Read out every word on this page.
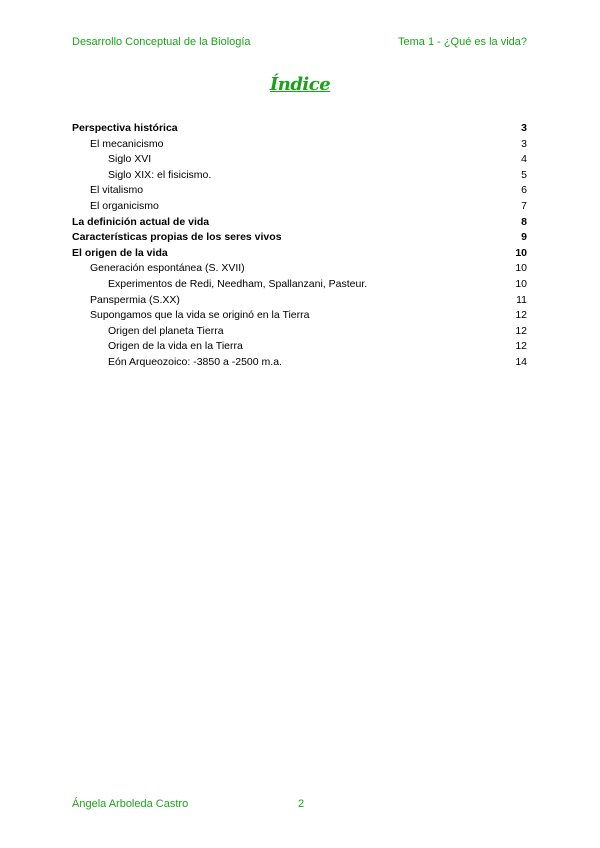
Desarrollo Conceptual de la Biología	Tema 1 - ¿Qué es la vida?
Índice
Perspectiva histórica	3
El mecanicismo	3
Siglo XVI	4
Siglo XIX: el fisicismo.	5
El vitalismo	6
El organicismo	7
La definición actual de vida	8
Características propias de los seres vivos	9
El origen de la vida	10
Generación espontánea (S. XVII)	10
Experimentos de Redi, Needham, Spallanzani, Pasteur.	10
Panspermia (S.XX)	11
Supongamos que la vida se originó en la Tierra	12
Origen del planeta Tierra	12
Origen de la vida en la Tierra	12
Eón Arqueozoico: -3850 a -2500 m.a.	14
Ángela Arboleda Castro	2
